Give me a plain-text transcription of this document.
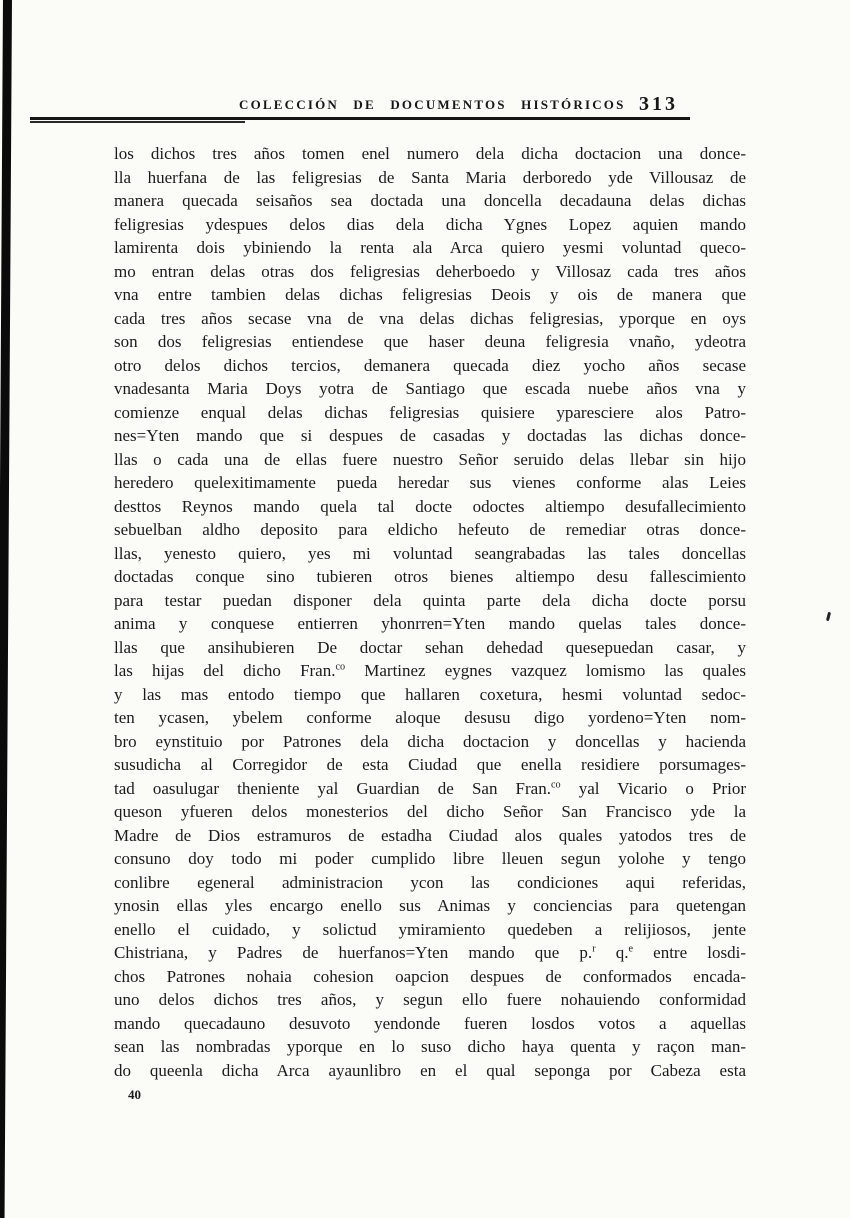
COLECCIÓN DE DOCUMENTOS HISTÓRICOS 313
los dichos tres años tomen enel numero dela dicha doctacion una donce-
lla huerfana de las feligresias de Santa Maria derboredo yde Villousaz de
manera quecada seisaños sea doctada una doncella decadauna delas dichas
feligresias ydespues delos dias dela dicha Ygnes Lopez aquien mando
lamirenta dois ybiniendo la renta ala Arca quiero yesmi voluntad queco-
mo entran delas otras dos feligresias deherboedo y Villosaz cada tres años
vna entre tambien delas dichas feligresias Deois y ois de manera que
cada tres años secase vna de vna delas dichas feligresias, yporque en oys
son dos feligresias entiendese que haser deuna feligresia vnaño, ydeotra
otro delos dichos tercios, demanera quecada diez yocho años secase
vnadesanta Maria Doys yotra de Santiago que escada nuebe años vna y
comienze enqual delas dichas feligresias quisiere yparesciere alos Patro-
nes=Yten mando que si despues de casadas y doctadas las dichas donce-
llas o cada una de ellas fuere nuestro Señor seruido delas llebar sin hijo
heredero quelexitimamente pueda heredar sus vienes conforme alas Leies
desttos Reynos mando quela tal docte odoctes altiempo desufallecimiento
sebuelban aldho deposito para eldicho hefeuto de remediar otras donce-
llas, yenesto quiero, yes mi voluntad seangrabadas las tales doncellas
doctadas conque sino tubieren otros bienes altiempo desu fallescimiento
para testar puedan disponer dela quinta parte dela dicha docte porsu
anima y conquese entierren yhonrren=Yten mando quelas tales donce-
llas que ansihubieren De doctar sehan dehedad quesepuedan casar, y
las hijas del dicho Fran.$^{co}$ Martinez eygnes vazquez lomismo las quales
y las mas entodo tiempo que hallaren coxetura, hesmi voluntad sedoc-
ten ycasen, ybelem conforme aloque desusu digo yordeno=Yten nom-
bro eynstituio por Patrones dela dicha doctacion y doncellas y hacienda
susudicha al Corregidor de esta Ciudad que enella residiere porsumages-
tad oasulugar theniente yal Guardian de San Fran.$^{co}$ yal Vicario o Prior
queson yfueren delos monesterios del dicho Señor San Francisco yde la
Madre de Dios estramuros de estadha Ciudad alos quales yatodos tres de
consuno doy todo mi poder cumplido libre lleuen segun yolohe y tengo
conlibre egeneral administracion ycon las condiciones aqui referidas,
ynosin ellas yles encargo enello sus Animas y conciencias para quetengan
enello el cuidado, y solictud ymiramiento quedeben a relijiosos, jente
Chistriana, y Padres de huerfanos=Yten mando que p.$^r$ q.$^e$ entre losdi-
chos Patrones nohaia cohesion oapcion despues de conformados encada-
uno delos dichos tres años, y segun ello fuere nohauiendo conformidad
mando quecadauno desuvoto yendonde fueren losdos votos a aquellas
sean las nombradas yporque en lo suso dicho haya quenta y raçon man-
do queenla dicha Arca ayaunlibro en el qual seponga por Cabeza esta
40
